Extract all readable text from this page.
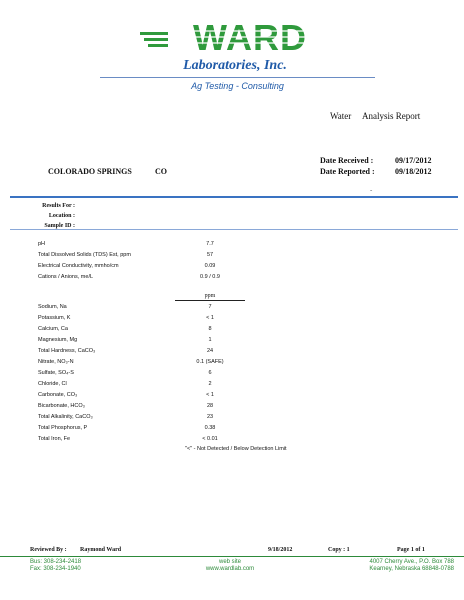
WARD
Laboratories, Inc.
Ag Testing - Consulting
Water Analysis Report
Date Received :	09/17/2012
Date Reported :	09/18/2012
COLORADO SPRINGS	CO
-
Results For :
Location :
Sample ID :
pH	7.7
Total Dissolved Solids (TDS) Est, ppm	57
Electrical Conductivity, mmho/cm	0.09
Cations / Anions, me/L	0.9 / 0.9
ppm
Sodium, Na	7
Potassium, K	< 1
Calcium, Ca	8
Magnesium, Mg	1
Total Hardness, CaCO₃	24
Nitrate, NO₃-N	0.1 (SAFE)
Sulfate, SO₄-S	6
Chloride, Cl	2
Carbonate, CO₃	< 1
Bicarbonate, HCO₃	28
Total Alkalinity, CaCO₃	23
Total Phosphorus, P	0.38
Total Iron, Fe	< 0.01
"<" - Not Detected / Below Detection Limit
Reviewed By : Raymond Ward	9/18/2012	Copy : 1	Page 1 of 1
Bus: 308-234-2418
Fax: 308-234-1940
web site
www.wardlab.com
4007 Cherry Ave., P.O. Box 788
Kearney, Nebraska 68848-0788
